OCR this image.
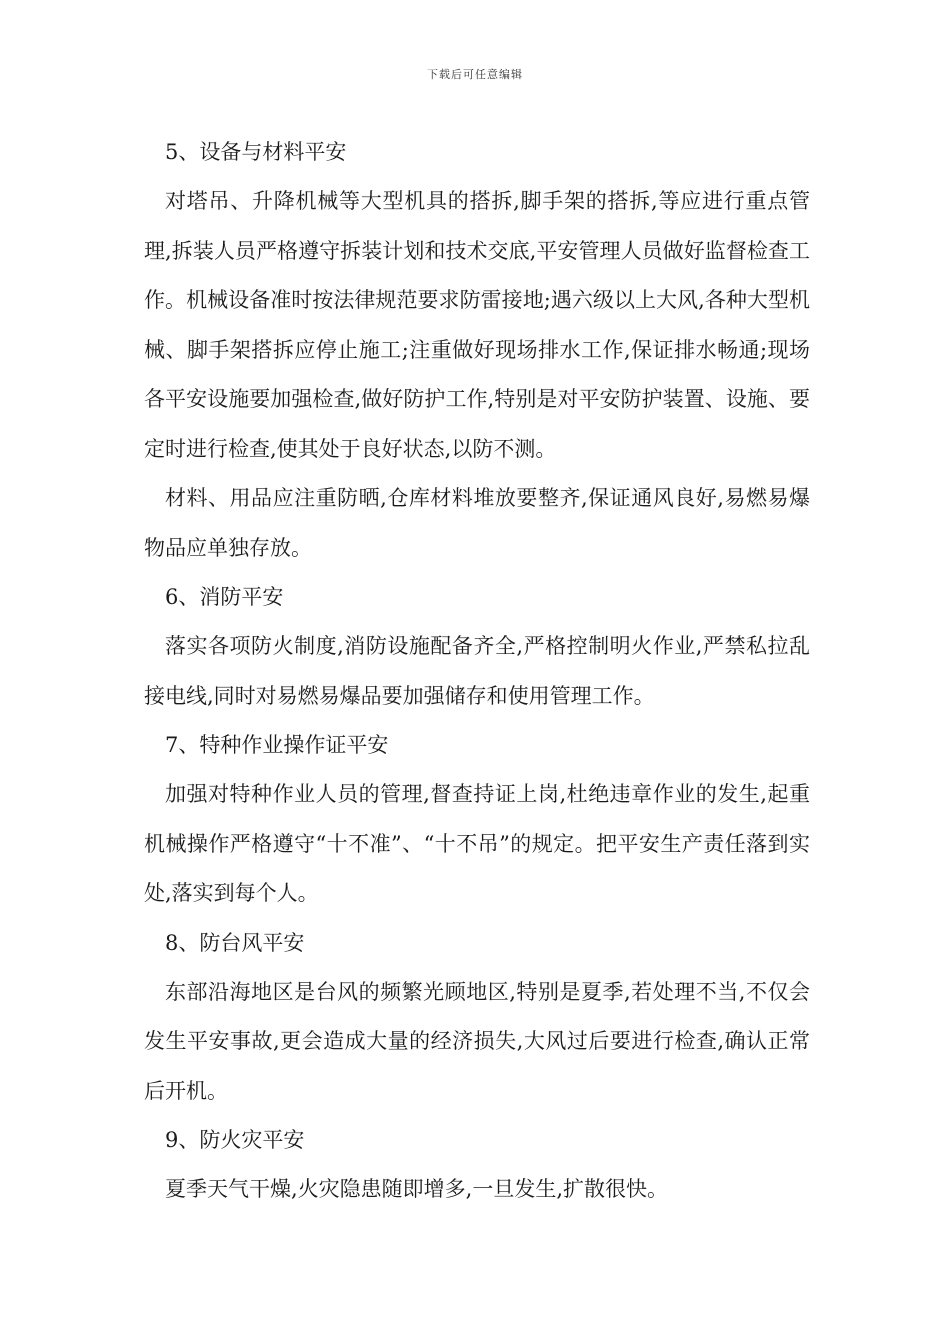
下载后可任意编辑

5、设备与材料平安

对塔吊、升降机械等大型机具的搭拆,脚手架的搭拆,等应进行重点管理,拆装人员严格遵守拆装计划和技术交底,平安管理人员做好监督检查工作。机械设备准时按法律规范要求防雷接地;遇六级以上大风,各种大型机械、脚手架搭拆应停止施工;注重做好现场排水工作,保证排水畅通;现场各平安设施要加强检查,做好防护工作,特别是对平安防护装置、设施、要定时进行检查,使其处于良好状态,以防不测。

材料、用品应注重防晒,仓库材料堆放要整齐,保证通风良好,易燃易爆物品应单独存放。

6、消防平安

落实各项防火制度,消防设施配备齐全,严格控制明火作业,严禁私拉乱接电线,同时对易燃易爆品要加强储存和使用管理工作。

7、特种作业操作证平安

加强对特种作业人员的管理,督查持证上岗,杜绝违章作业的发生,起重机械操作严格遵守“十不准”、“十不吊”的规定。把平安生产责任落到实处,落实到每个人。

8、防台风平安

东部沿海地区是台风的频繁光顾地区,特别是夏季,若处理不当,不仅会发生平安事故,更会造成大量的经济损失,大风过后要进行检查,确认正常后开机。

9、防火灾平安

夏季天气干燥,火灾隐患随即增多,一旦发生,扩散很快。
